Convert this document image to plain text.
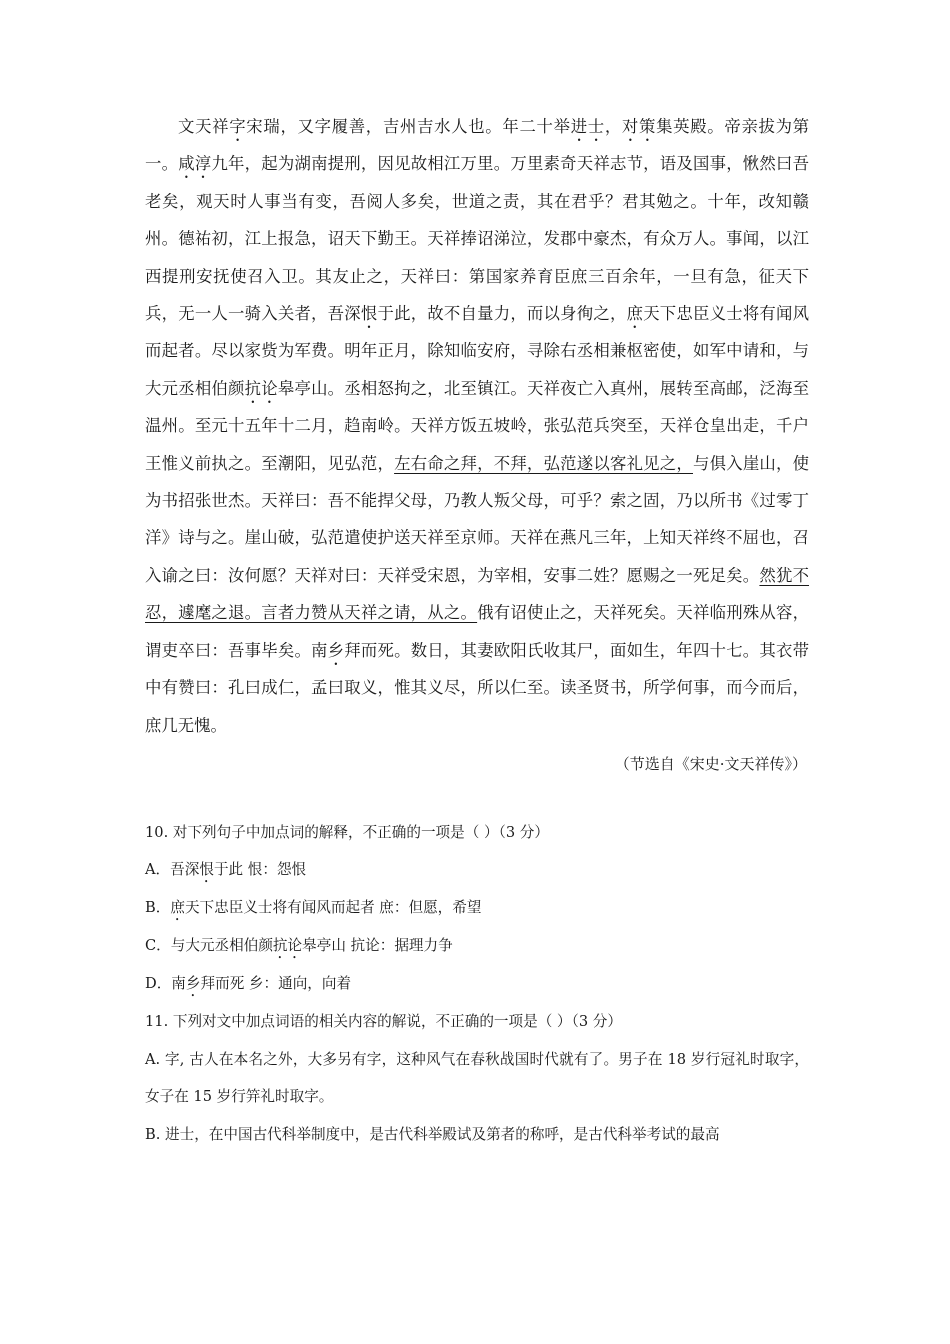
文天祥字宋瑞，又字履善，吉州吉水人也。年二十举进士，对策集英殿。帝亲拔为第一。咸淳九年，起为湖南提刑，因见故相江万里。万里素奇天祥志节，语及国事，愀然曰吾老矣，观天时人事当有变，吾阅人多矣，世道之责，其在君乎？君其勉之。十年，改知赣州。德祐初，江上报急，诏天下勤王。天祥捧诏涕泣，发郡中豪杰，有众万人。事闻，以江西提刑安抚使召入卫。其友止之，天祥曰：第国家养育臣庶三百余年，一旦有急，征天下兵，无一人一骑入关者，吾深恨于此，故不自量力，而以身徇之，庶天下忠臣义士将有闻风而起者。尽以家赀为军费。明年正月，除知临安府，寻除右丞相兼枢密使，如军中请和，与大元丞相伯颜抗论皋亭山。丞相怒拘之，北至镇江。天祥夜亡入真州，展转至高邮，泛海至温州。至元十五年十二月，趋南岭。天祥方饭五坡岭，张弘范兵突至，天祥仓皇出走，千户王惟义前执之。至潮阳，见弘范，左右命之拜，不拜，弘范遂以客礼见之，与俱入崖山，使为书招张世杰。天祥曰：吾不能捍父母，乃教人叛父母，可乎？索之固，乃以所书《过零丁洋》诗与之。崖山破，弘范遣使护送天祥至京师。天祥在燕凡三年，上知天祥终不屈也，召入谕之曰：汝何愿？天祥对曰：天祥受宋恩，为宰相，安事二姓？愿赐之一死足矣。然犹不忍，遽麾之退。言者力赞从天祥之请，从之。俄有诏使止之，天祥死矣。天祥临刑殊从容，谓吏卒曰：吾事毕矣。南乡拜而死。数日，其妻欧阳氏收其尸，面如生，年四十七。其衣带中有赞曰：孔曰成仁，孟曰取义，惟其义尽，所以仁至。读圣贤书，所学何事，而今而后，庶几无愧。

（节选自《宋史·文天祥传》）

10. 对下列句子中加点词的解释，不正确的一项是（ ）（3 分）
A．吾深恨于此 恨：怨恨
B．庶天下忠臣义士将有闻风而起者 庶：但愿，希望
C．与大元丞相伯颜抗论皋亭山 抗论：据理力争
D．南乡拜而死 乡：通向，向着
11. 下列对文中加点词语的相关内容的解说，不正确的一项是（ ）（3 分）

A. 字, 古人在本名之外，大多另有字，这种风气在春秋战国时代就有了。男子在 18 岁行冠礼时取字，女子在 15 岁行笄礼时取字。

B. 进士，在中国古代科举制度中，是古代科举殿试及第者的称呼，是古代科举考试的最高
